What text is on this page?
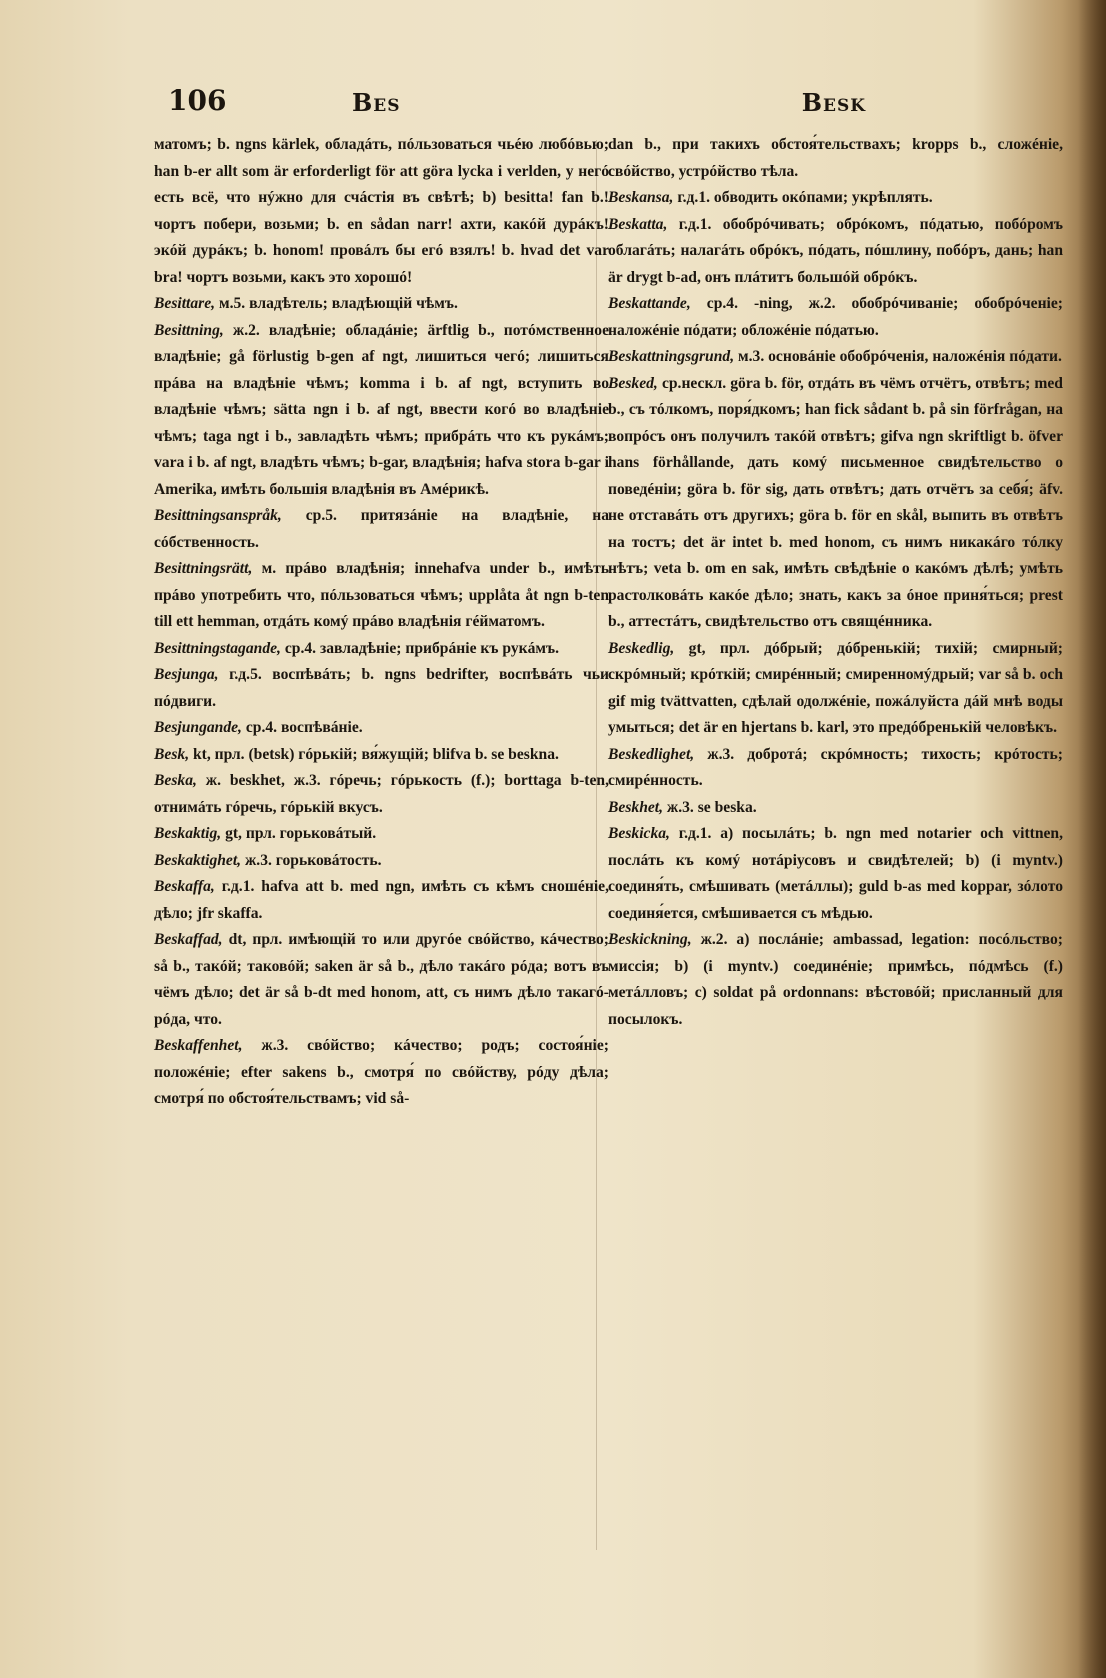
106	Bes	Besk

матомъ; b. ngns kärlek, обладáть, пóльзоваться чьéю любóвью; han b-er allt som är erforderligt för att göra lycka i verlden, у негó есть всё, что нýжно для счáстія въ свѣтѣ; b) besitta! fan b.! чортъ побери, возьми; b. en sådan narr! ахти, какóй дурáкъ! экóй дурáкъ; b. honom! провáлъ бы егó взялъ! b. hvad det var bra! чортъ возьми, какъ это хорошó!

Besittare, м.5. владѣтель; владѣющій чѣмъ.

Besittning, ж.2. владѣніе; обладáніе; ärftlig b., потóмственное владѣніе; gå förlustig b-gen af ngt, лишиться чегó; лишиться прáва на владѣніе чѣмъ; komma i b. af ngt, вступить во владѣніе чѣмъ; sätta ngn i b. af ngt, ввести когó во владѣніе чѣмъ; taga ngt i b., завладѣть чѣмъ; прибрáть что къ рукáмъ; vara i b. af ngt, владѣть чѣмъ; b-gar, владѣнія; hafva stora b-gar i Amerika, имѣть большія владѣнія въ Амéрикѣ.

Besittningsanspråk, ср.5. притязáніе на владѣніе, на сóбственность.

Besittningsrätt, м. прáво владѣнія; innehafva under b., имѣть прáво употребить что, пóльзоваться чѣмъ; upplåta åt ngn b-ten till ett hemman, отдáть комý прáво владѣнія гéйматомъ.

Besittningstagande, ср.4. завладѣніе; прибрáніе къ рукáмъ.

Besjunga, г.д.5. воспѣвáть; b. ngns bedrifter, воспѣвáть чьи пóдвиги.

Besjungande, ср.4. воспѣвáніе.

Besk, kt, прл. (betsk) гóрькій; вя́жущій; blifva b. se beskna.

Beska, ж. beskhet, ж.3. гóречь; гóрькость (f.); borttaga b-ten, отнимáть гóречь, гóрькій вкусъ.

Beskaktig, gt, прл. горьковáтый.

Beskaktighet, ж.3. горьковáтость.

Beskaffa, г.д.1. hafva att b. med ngn, имѣть съ кѣмъ сношéніе, дѣло; jfr skaffa.

Beskaffad, dt, прл. имѣющій то или другóе свóйство, кáчество; så b., такóй; таковóй; saken är så b., дѣло такáго рóда; вотъ въ чёмъ дѣло; det är så b-dt med honom, att, съ нимъ дѣло такагó-рóда, что.

Beskaffenhet, ж.3. свóйство; кáчество; родъ; состоя́ніе; положéніе; efter sakens b., смотря́ по свóйству, рóду дѣла; смотря́ по обстоя́тельствамъ; vid så-

dan b., при такихъ обстоя́тельствахъ; kropps b., сложéніе, свóйство, устрóйство тѣла.

Beskansa, г.д.1. обводить окóпами; укрѣплять.

Beskatta, г.д.1. обобрóчивать; обрóкомъ, пóдатью, побóромъ облагáть; налагáть обрóкъ, пóдать, пóшлину, побóръ, дань; han är drygt b-ad, онъ плáтитъ большóй обрóкъ.

Beskattande, ср.4. -ning, ж.2. обобрóчиваніе; обобрóченіе; наложéніе пóдати; обложéніе пóдатью.

Beskattningsgrund, м.3. основáніе обобрóченія, наложéнія пóдати.

Besked, ср.нескл. göra b. för, отдáть въ чёмъ отчётъ, отвѣтъ; med b., съ тóлкомъ, поря́дкомъ; han fick sådant b. på sin förfrågan, на вопрóсъ онъ получилъ такóй отвѣтъ; gifva ngn skriftligt b. öfver hans förhållande, дать комý письменное свидѣтельство о поведéніи; göra b. för sig, дать отвѣтъ; дать отчётъ за себя́; äfv. не отставáть отъ другихъ; göra b. för en skål, выпить въ отвѣтъ на тостъ; det är intet b. med honom, съ нимъ никакáго тóлку нѣтъ; veta b. om en sak, имѣть свѣдѣніе о какóмъ дѣлѣ; умѣть растолковáть какóе дѣло; знать, какъ за óное приня́ться; prest b., аттестáтъ, свидѣтельство отъ свящéнника.

Beskedlig, gt, прл. дóбрый; дóбренькій; тихій; смирный; скрóмный; крóткій; смирéнный; смиренномýдрый; var så b. och gif mig tvättvatten, сдѣлай одолжéніе, пожáлуйста дáй мнѣ воды умыться; det är en hjertans b. karl, это предóбренькій человѣкъ.

Beskedlighet, ж.3. добротá; скрóмность; тихость; крóтость; смирéнность.

Beskhet, ж.3. se beska.

Beskicka, г.д.1. a) посылáть; b. ngn med notarier och vittnen, послáть къ комý нотáріусовъ и свидѣтелей; b) (i myntv.) соединя́ть, смѣшивать (метáллы); guld b-as med koppar, зóлото соединя́ется, смѣшивается съ мѣдью.

Beskickning, ж.2. a) послáніе; ambassad, legation: посóльство; миссія; b) (i myntv.) соединéніе; примѣсь, пóдмѣсь (f.) метáлловъ; c) soldat på ordonnans: вѣстовóй; присланный для посылокъ.
